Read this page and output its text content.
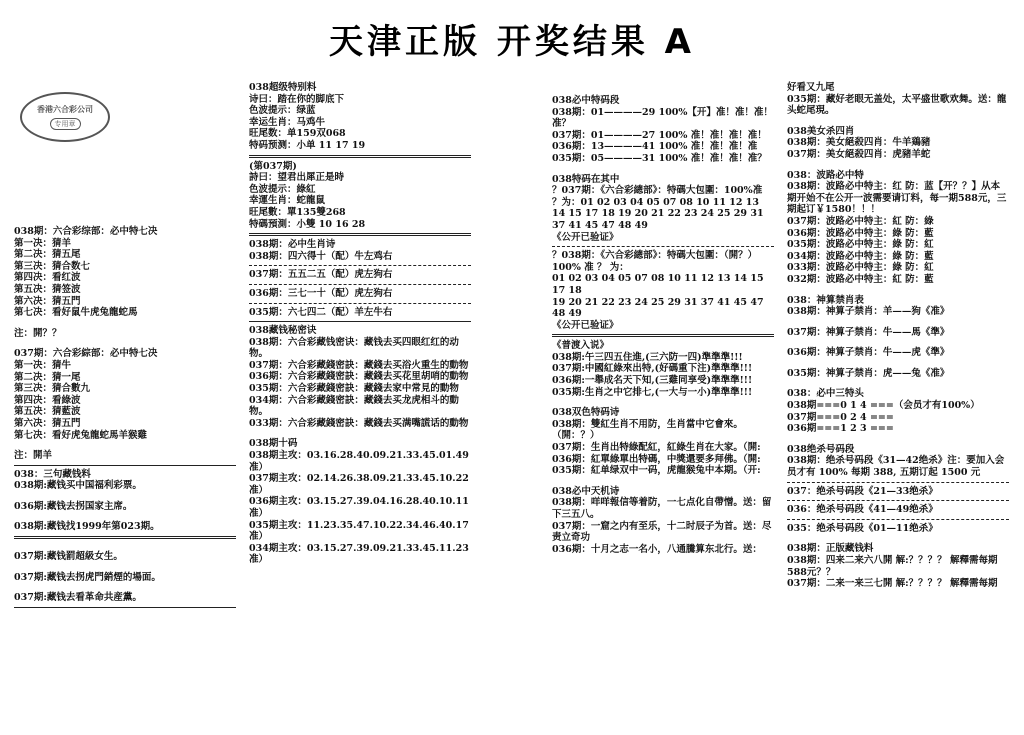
天津正版 开奖结果 A
香港六合彩公司
专用章

038期：六合彩综部：必中特七决

第一决：猜羊

第二决：猜五尾

第三决：猜合数七

第四决：看红波

第五决：猜签波

第六决：猜五門

第七决：看好鼠牛虎兔龍蛇馬

注：開？？

037期：六合彩綜部：必中特七决

第一决：猜牛

第二决：猜一尾

第三决：猜合數九

第四决：看綠波

第五决：猜藍波

第六决：猜五門

第七决：看好虎兔龍蛇馬羊猴雞

注：開羊

038：三句藏钱料

038期:藏钱买中国福利彩票。

036期:藏钱去拐国家主席。

038期:藏钱找1999年第023期。

037期:藏钱罰超級女生。

037期:藏钱去拐虎門銷煙的場面。

037期:藏钱去看革命共産黨。

038超级特别料

诗曰：踏在你的脚底下

色波提示：绿蓝

幸运生肖：马鸡牛

旺尾数：单159双068

特码预测：小单 11 17 19

(第037期)

詩曰：望君出犀正是時

色波提示：綠紅

幸運生肖：蛇龍鼠

旺尾數：單135雙268

特碼預測：小雙 10 16 28

038期：必中生肖诗

038期：四六得十（配）牛左鸡右

037期：五五二五（配）虎左狗右

036期：三七一十（配）虎左狗右

035期：六七四二（配）羊左牛右

038藏钱秘密诀

038期：六合彩藏钱密诀：藏钱去买四眼红红的动物。

037期：六合彩藏錢密訣：藏錢去买浴火重生的動物

036期：六合彩藏錢密訣：藏錢去买花里胡哨的動物

035期：六合彩藏錢密訣：藏錢去家中常見的動物

034期：六合彩藏錢密訣：藏錢去买龙虎相斗的動物。

033期：六合彩藏錢密訣：藏錢去买满嘴謊话的動物

038期十码

038期主攻：03.16.28.40.09.21.33.45.01.49准）

037期主攻：02.14.26.38.09.21.33.45.10.22准）

036期主攻：03.15.27.39.04.16.28.40.10.11准）

035期主攻：11.23.35.47.10.22.34.46.40.17准）

034期主攻：03.15.27.39.09.21.33.45.11.23准）

038必中特码段

038期：01————29 100%【开】准！准！准！准？

037期：01————27 100% 准！准！准！准！

036期：13————41 100% 准！准！准！准

035期：05————31 100% 准！准！准！准？

038特码在其中

？037期：《六合彩總部》：特碼大包圍：100%准

？为：01 02 03 04 05 07 08 10 11 12 13 14 15 17 18 19 20 21 22 23 24 25 29 31 37 41 45 47 48 49

《公开已验证》

？038期：《六合彩總部》：特碼大包圍：（開？）100% 准 ？ 为：

01 02 03 04 05 07 08 10 11 12 13 14 15 17 18

19 20 21 22 23 24 25 29 31 37 41 45 47 48 49

《公开已验证》

《普渡入说》

038期:午三四五住進,(三六防一四)準準準!!!

037期:中國紅綠來出特,(好碼重下注)準準準!!!

036期:一舉成名天下知,(三雞同享受)準準準!!!

035期:生肖之中它排七,(一大与一小)準準準!!!

038双色特码诗

038期：雙紅生肖不用防，生肖當中它會來。（開：？）

037期：生肖出特綠配紅，紅綠生肖在大家。（開:

036期：紅單綠單出特碼，中獎還要多拜佛。（開:

035期：紅单绿双中一码，虎龍猴兔中本期。（开:

038必中天机诗

038期：咩咩報信等着防，一七点化自帶憎。送：留下三五八。

037期：一窟之内有至乐，十二时辰子为首。送：尽责立奇功

036期：十月之志一名小，八通騰算东北行。送：

好看又九尾

035期：藏好老眼无盖处，太平盛世歌欢舞。送：龍头蛇尾現。

038美女杀四肖

038期：美女絕殺四肖：牛羊鶏豬

037期：美女絕殺四肖：虎豬羊蛇

038：波路必中特

038期：波路必中特主：红 防：蓝【开？？】从本期开始不在公开一波需要请订料，每一期588元，三期起订￥1580！！！

037期：波路必中特主：紅 防：綠

036期：波路必中特主：綠 防：藍

035期：波路必中特主：綠 防：紅

034期：波路必中特主：綠 防：藍

033期：波路必中特主：綠 防：紅

032期：波路必中特主：紅 防：藍

038：神算禁肖表

038期：神算子禁肖：羊——狗《准》

037期：神算子禁肖：牛——馬《準》

036期：神算子禁肖：牛——虎《準》

035期：神算子禁肖：虎——兔《准》

038：必中三特头

038期===0 1 4 ===（会员才有100%）

037期===0 2 4 ===

036期===1 2 3 ===

038绝杀号码段

038期：绝杀号码段《31—42绝杀》注：要加入会员才有 100% 每期 388, 五期订起 1500 元

037：绝杀号码段《21—33绝杀》

036：绝杀号码段《41—49绝杀》

035：绝杀号码段《01—11绝杀》

038期：正版藏钱料

038期：四来二来六八開 解:？？？？ 解釋需每期588元？？

037期：二来一来三七開 解:？？？？ 解釋需每期
